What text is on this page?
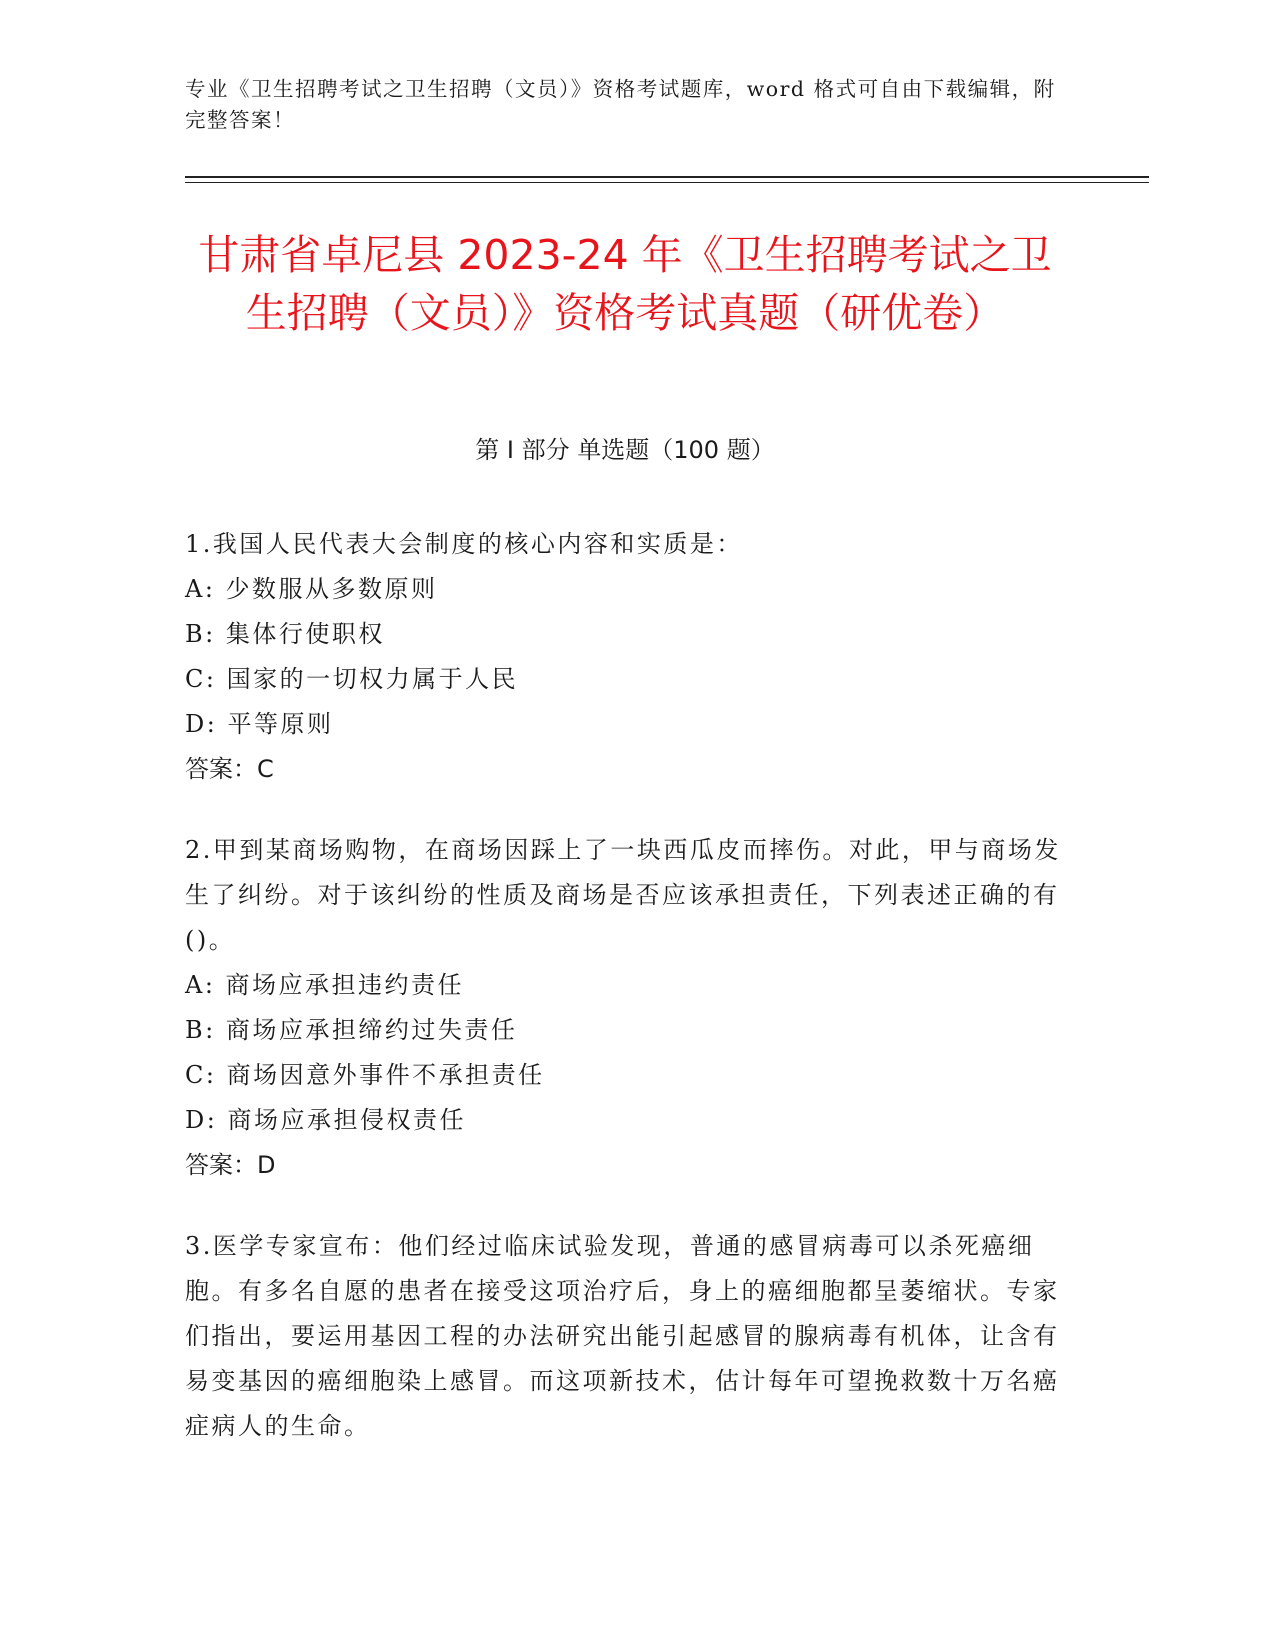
专业《卫生招聘考试之卫生招聘（文员）》资格考试题库，word 格式可自由下载编辑，附完整答案！
甘肃省卓尼县 2023-24 年《卫生招聘考试之卫生招聘（文员）》资格考试真题（研优卷）
第 I 部分 单选题（100 题）
1.我国人民代表大会制度的核心内容和实质是：
A: 少数服从多数原则
B: 集体行使职权
C: 国家的一切权力属于人民
D: 平等原则
答案：C
2.甲到某商场购物，在商场因踩上了一块西瓜皮而摔伤。对此，甲与商场发生了纠纷。对于该纠纷的性质及商场是否应该承担责任，下列表述正确的有()。
A: 商场应承担违约责任
B: 商场应承担缔约过失责任
C: 商场因意外事件不承担责任
D: 商场应承担侵权责任
答案：D
3.医学专家宣布：他们经过临床试验发现，普通的感冒病毒可以杀死癌细胞。有多名自愿的患者在接受这项治疗后，身上的癌细胞都呈萎缩状。专家们指出，要运用基因工程的办法研究出能引起感冒的腺病毒有机体，让含有易变基因的癌细胞染上感冒。而这项新技术，估计每年可望挽救数十万名癌症病人的生命。
